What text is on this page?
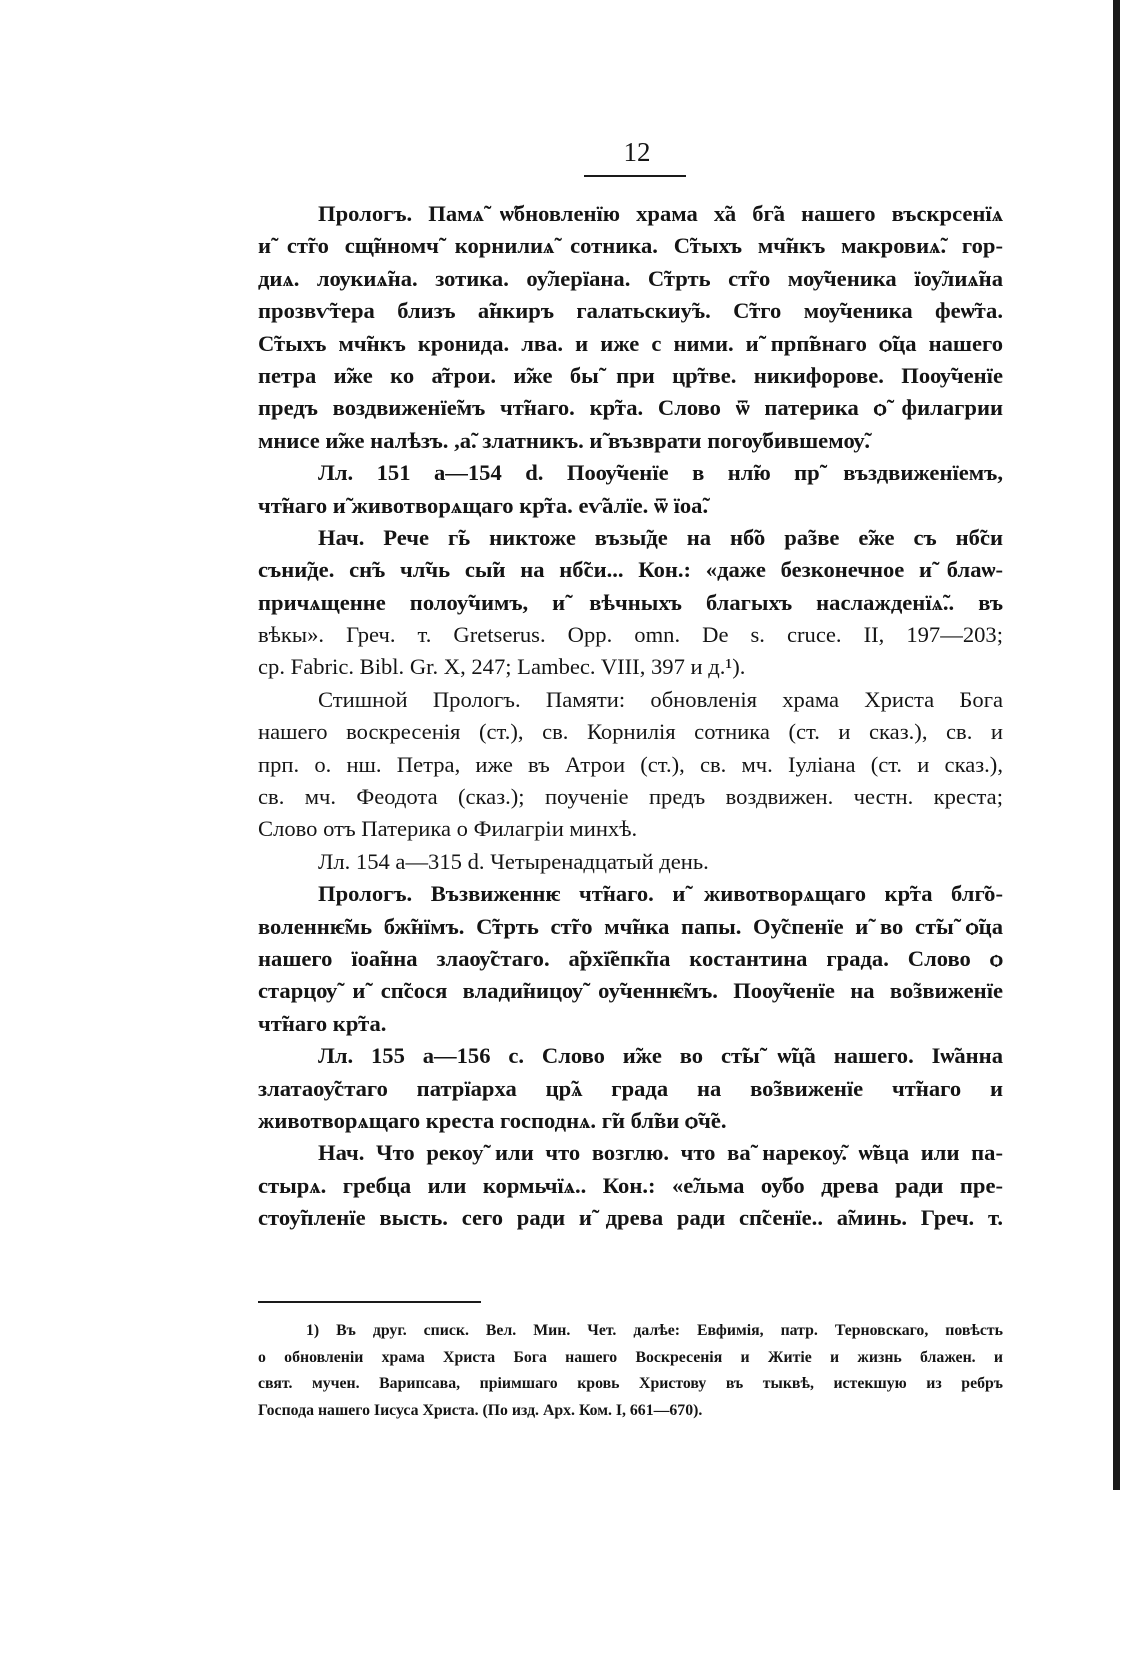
12
Прологъ. Памѧ̃ ѡ̃бновленїю храма х̃а бг̃а нашего въскрсенїѧ̃
и̃ ст̃го сщ̃нномч̃ корнилиѧ̃ сотника. С̃тыхъ мч̃нкъ макровиѧ̃. гор-
диѧ. лѹкиѧ̃на. зотика. оу̃лерїана. С̃трть ст̃го мѹ̃ченика їоу̃лиѧ̃на
прозвѵ̃тера близъ а̃нкиръ галатьскиу̃ъ. С̃тго мѹ̃ченика феѡ̃та.
С̃тыхъ мч̃нкъ кронида. лва. и иже с ними. и̃ прп̃внаго ѻ̃ца нашего
петра и̃же ко а̃трои. и̃же бы̃ при цр̃тве. никифорове. Поѹ̃ченїе
предъ воздвиженїе̃мъ чт̃наго. кр̃та. Слово ѿ патерика ѻ̃ филагрии̃
мнисе и̃же налѣзъ. ,а̃. златникъ. и̃ възврати погѹ̃бившемѹ̃.
Лл. 151 а—154 d. Поѹ̃ченїе в нл̃ю пр̃ въздвиженїемъ,
чт̃наго и̃ животворѧщаго кр̃та. еѵ̃алїе. ѿ їоа̃.
Нач. Рече г̃ь никтоже възы̃де на нб̃о ра̃зве е̃же съ нб̃си
съни̃де. сн̃ъ чл̃чь сы̃и на нб̃си... Кон.: «даже безконечное и̃ блаѡ-
причѧщенне полоу̃чимъ, и̃ вѣчныхъ благыхъ наслажденїѧ̃.. въ
вѣкы». Греч. т. Gretserus. Opp. omn. De s. cruce. II, 197—203;
ср. Fabric. Bibl. Gr. X, 247; Lambec. VIII, 397 и д.¹).
Стишной Прологъ. Памяти: обновленія храма Христа Бога
нашего воскресенія (ст.), св. Корнилія сотника (ст. и сказ.), св. и
прп. о. нш. Петра, иже въ Атрои (ст.), св. мч. Іуліана (ст. и сказ.),
св. мч. Феодота (сказ.); поученіе предъ воздвижен. честн. креста;
Слово отъ Патерика о Филагріи минхѣ.
Лл. 154 а—315 d. Четыренадцатый день.
Прологъ. Възвиженнѥ чт̃наго. и̃ животворѧщаго кр̃та блг̃о-
воленнѥ̃мь бж̃нїмъ. С̃трть ст̃го мч̃нка папы. Оу̃спенїе и̃ во ст̃ы̃ ѻ̃ца
нашего їоа̃нна злаѹ̃стаго. а̃рхї̃епк̃па костантина града. Слово ѻ̃
старцѹ̃ и̃ сп̃сося влади̃ницѹ̃ оу̃ченнѥ̃мъ. Поѹ̃ченїе на во̃звиженїе
чт̃наго кр̃та.
Лл. 155 а—156 с. Слово и̃же во ст̃ы̃ ѡ̃ц̃а нашего. Іѡ̃анна
златаоу̃стаго патрїарха цр̃ѧ града на во̃звиженїе чт̃наго и̃
животворѧщаго креста господнѧ. г̃и бл̃ви ѻ̃ч̃е.
Нач. Что рекоу̃ или что возглю. что ва̃ нарекоу̃. ѡ̃вца или па-
стырѧ. гребца или кормьчїѧ.. Кон.: «е̃льма оу̃бо древа ради пре-
стоу̃пленїе высть. сего ради и̃ древа ради сп̃сенїе.. а̃минь. Греч. т.
1) Въ друг. списк. Вел. Мин. Чет. далѣе: Евфимія, патр. Терновскаго, повѣсть
о обновленіи храма Христа Бога нашего Воскресенія и Житіе и жизнь блажен. и
свят. мучен. Варипсава, пріимшаго кровь Христову въ тыквѣ, истекшую из ребръ
Господа нашего Іисуса Христа. (По изд. Арх. Ком. I, 661—670).
